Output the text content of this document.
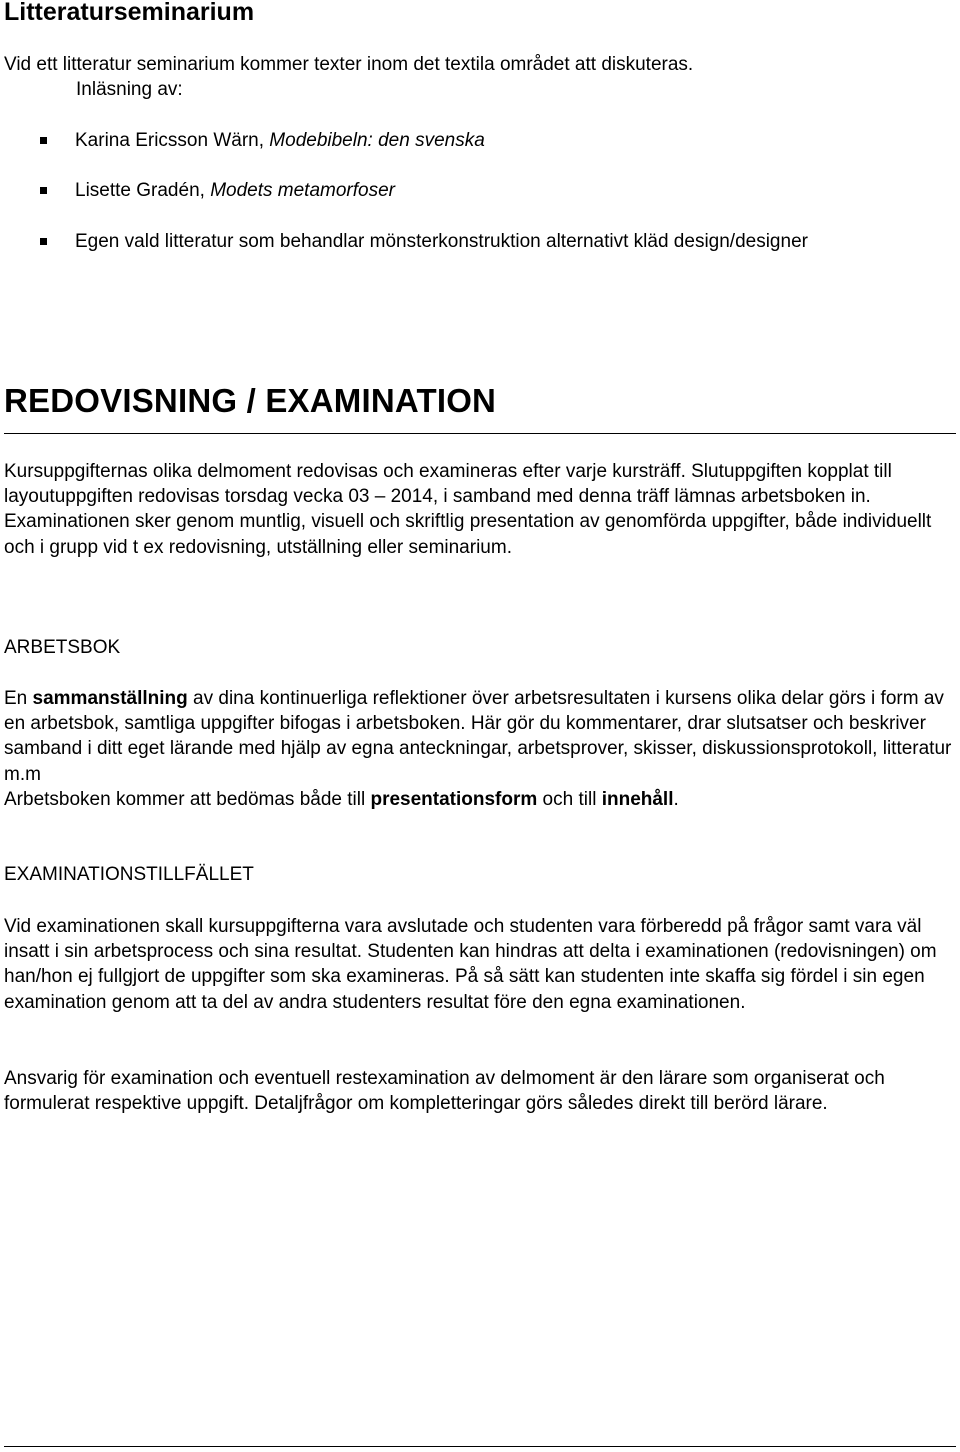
Litteraturseminarium
Vid ett litteratur seminarium kommer texter inom det textila området att diskuteras.

Inläsning av:
Karina Ericsson Wärn, Modebibeln: den svenska
Lisette Gradén, Modets metamorfoser
Egen vald litteratur som behandlar mönsterkonstruktion alternativt kläd design/designer
REDOVISNING / EXAMINATION
Kursuppgifternas olika delmoment redovisas och examineras efter varje kursträff. Slutuppgiften kopplat till layoutuppgiften redovisas torsdag vecka 03 – 2014, i samband med denna träff lämnas arbetsboken in. Examinationen sker genom muntlig, visuell och skriftlig presentation av genomförda uppgifter, både individuellt och i grupp vid t ex redovisning, utställning eller seminarium.
ARBETSBOK
En sammanställning av dina kontinuerliga reflektioner över arbetsresultaten i kursens olika delar görs i form av en arbetsbok, samtliga uppgifter bifogas i arbetsboken. Här gör du kommentarer, drar slutsatser och beskriver samband i ditt eget lärande med hjälp av egna anteckningar, arbetsprover, skisser, diskussionsprotokoll, litteratur m.m
Arbetsboken kommer att bedömas både till presentationsform och till innehåll.
EXAMINATIONSTILLFÄLLET
Vid examinationen skall kursuppgifterna vara avslutade och studenten vara förberedd på frågor samt vara väl insatt i sin arbetsprocess och sina resultat. Studenten kan hindras att delta i examinationen (redovisningen) om han/hon ej fullgjort de uppgifter som ska examineras. På så sätt kan studenten inte skaffa sig fördel i sin egen examination genom att ta del av andra studenters resultat före den egna examinationen.
Ansvarig för examination och eventuell restexamination av delmoment är den lärare som organiserat och formulerat respektive uppgift. Detaljfrågor om kompletteringar görs således direkt till berörd lärare.
